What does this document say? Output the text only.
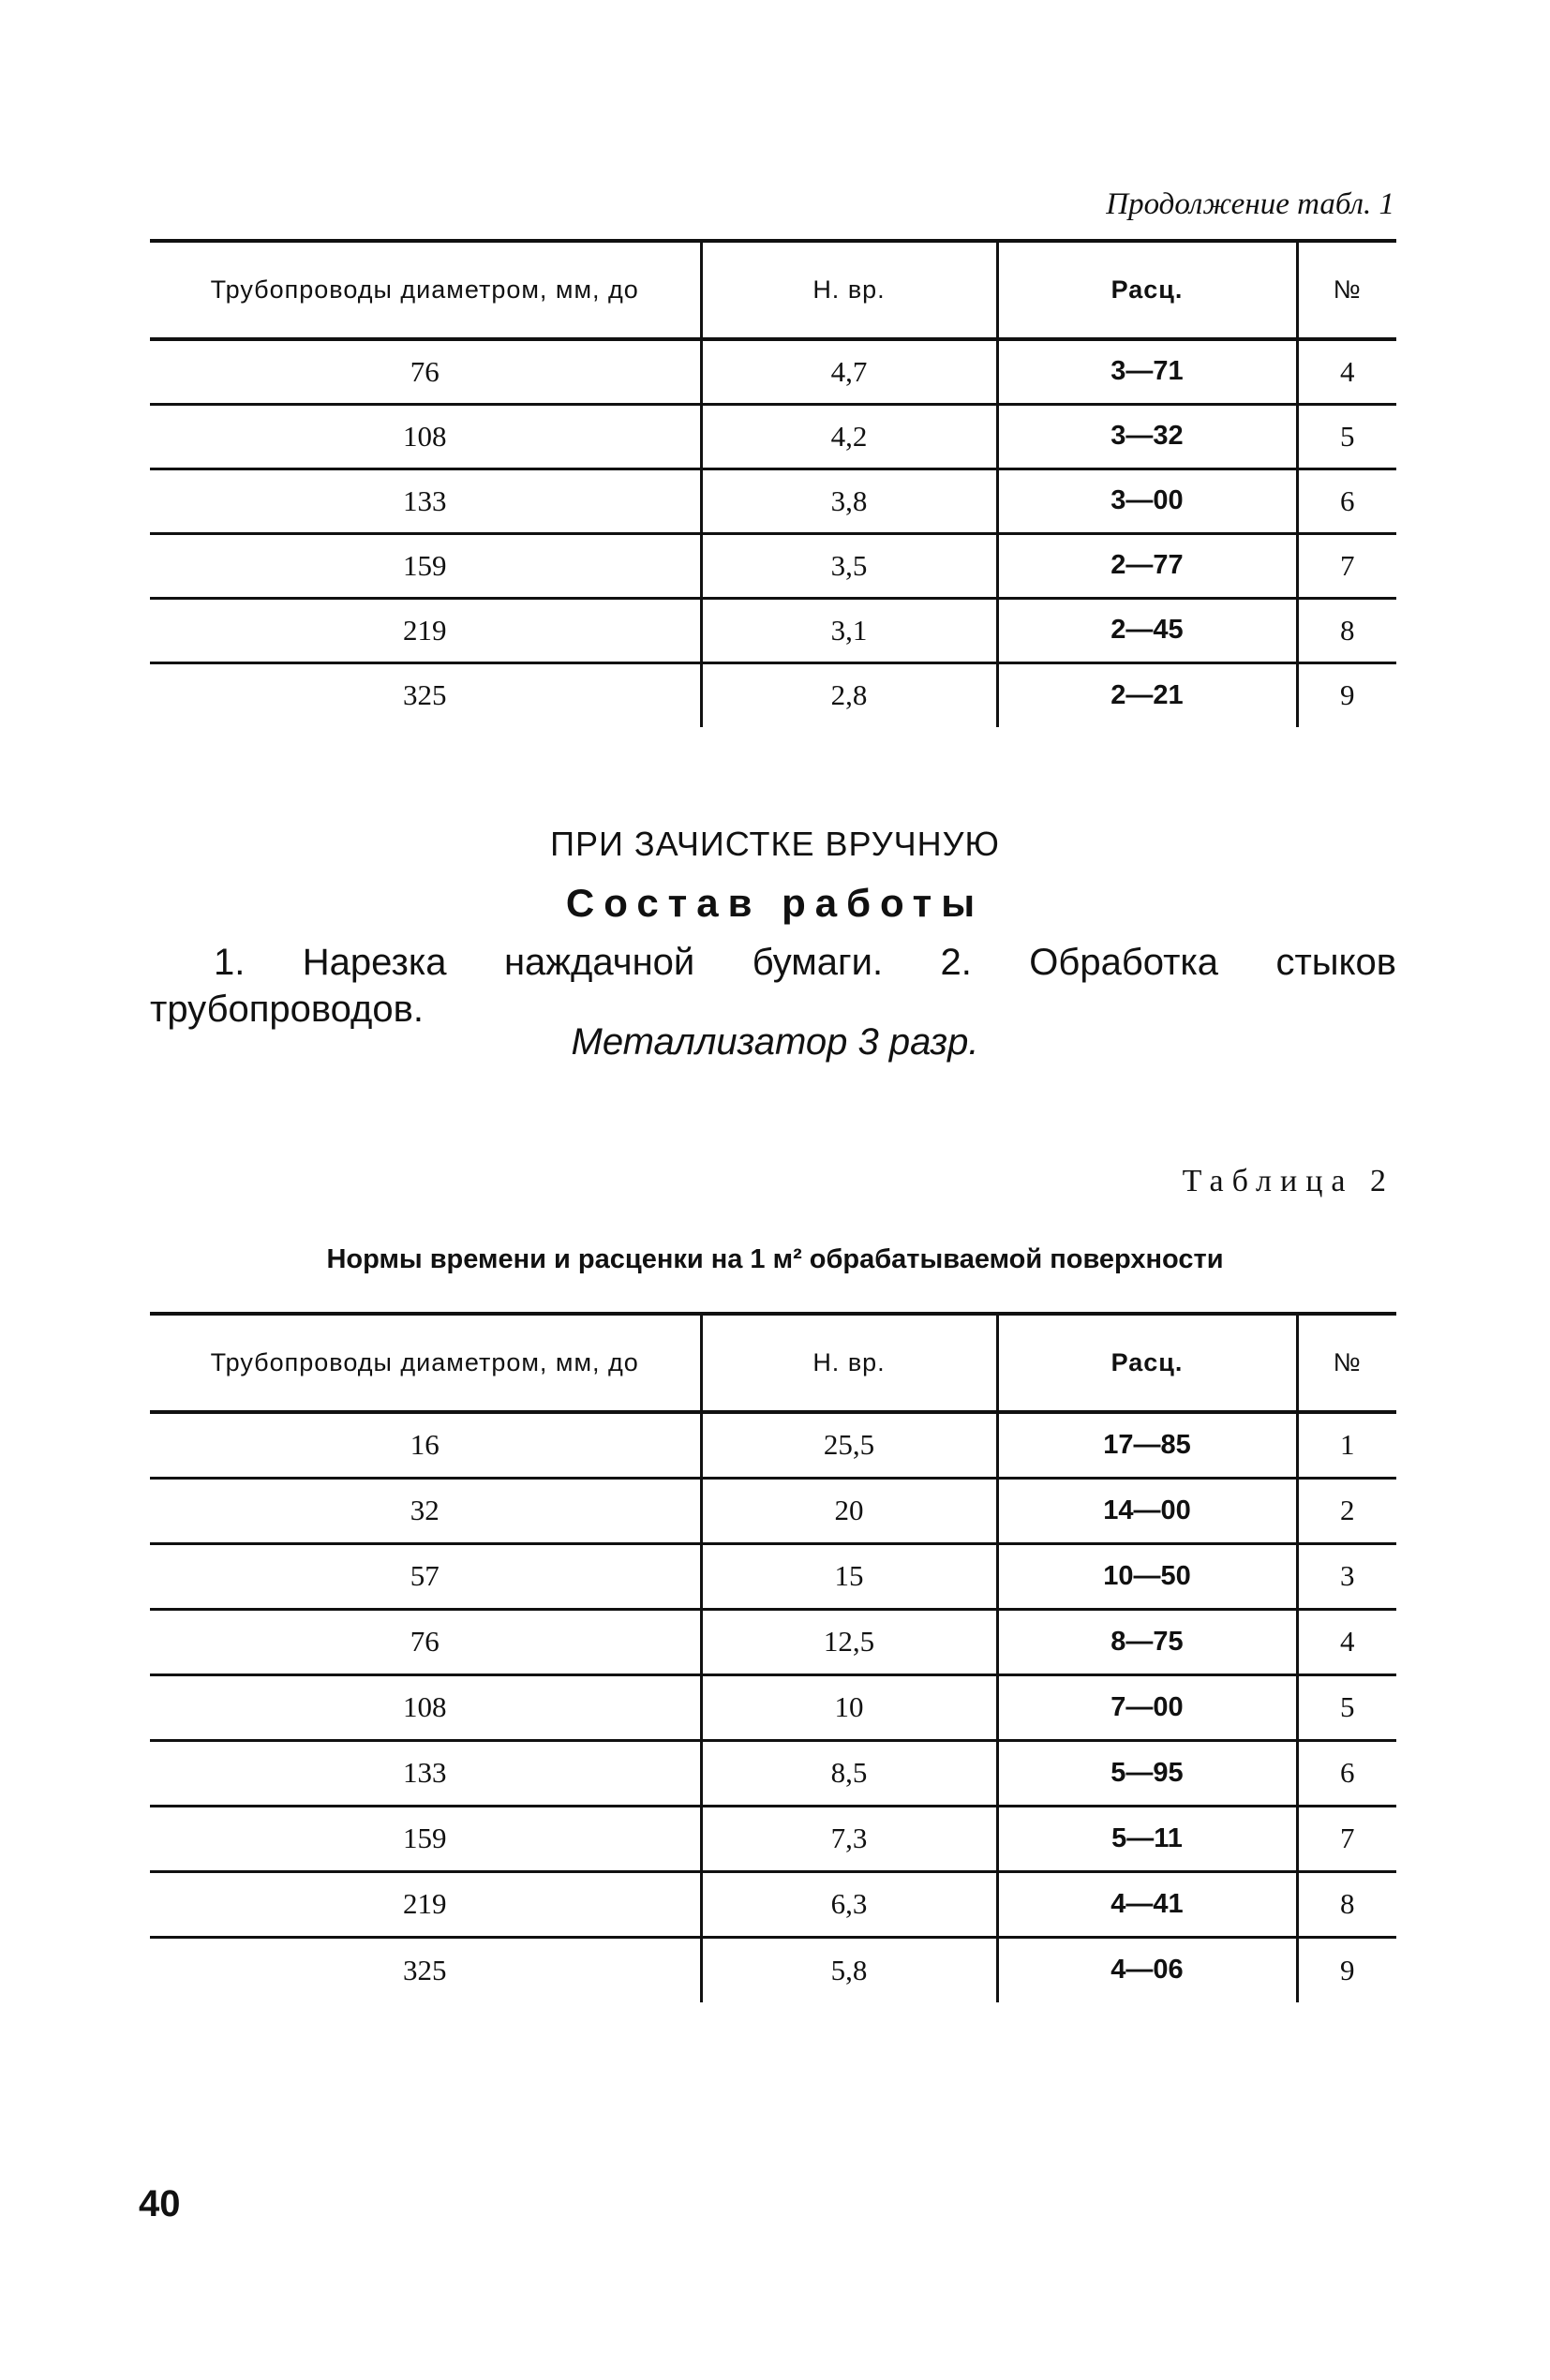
Продолжение табл. 1
Трубопроводы диаметром, мм, до	Н. вр.	Расц.	№
76	4,7	3—71	4
108	4,2	3—32	5
133	3,8	3—00	6
159	3,5	2—77	7
219	3,1	2—45	8
325	2,8	2—21	9
ПРИ ЗАЧИСТКЕ ВРУЧНУЮ
Состав работы

1. Нарезка наждачной бумаги. 2. Обработка стыков трубопроводов.

Металлизатор 3 разр.
Таблица 2
Нормы времени и расценки на 1 м² обрабатываемой поверхности
Трубопроводы диаметром, мм, до	Н. вр.	Расц.	№
16	25,5	17—85	1
32	20	14—00	2
57	15	10—50	3
76	12,5	8—75	4
108	10	7—00	5
133	8,5	5—95	6
159	7,3	5—11	7
219	6,3	4—41	8
325	5,8	4—06	9
40
